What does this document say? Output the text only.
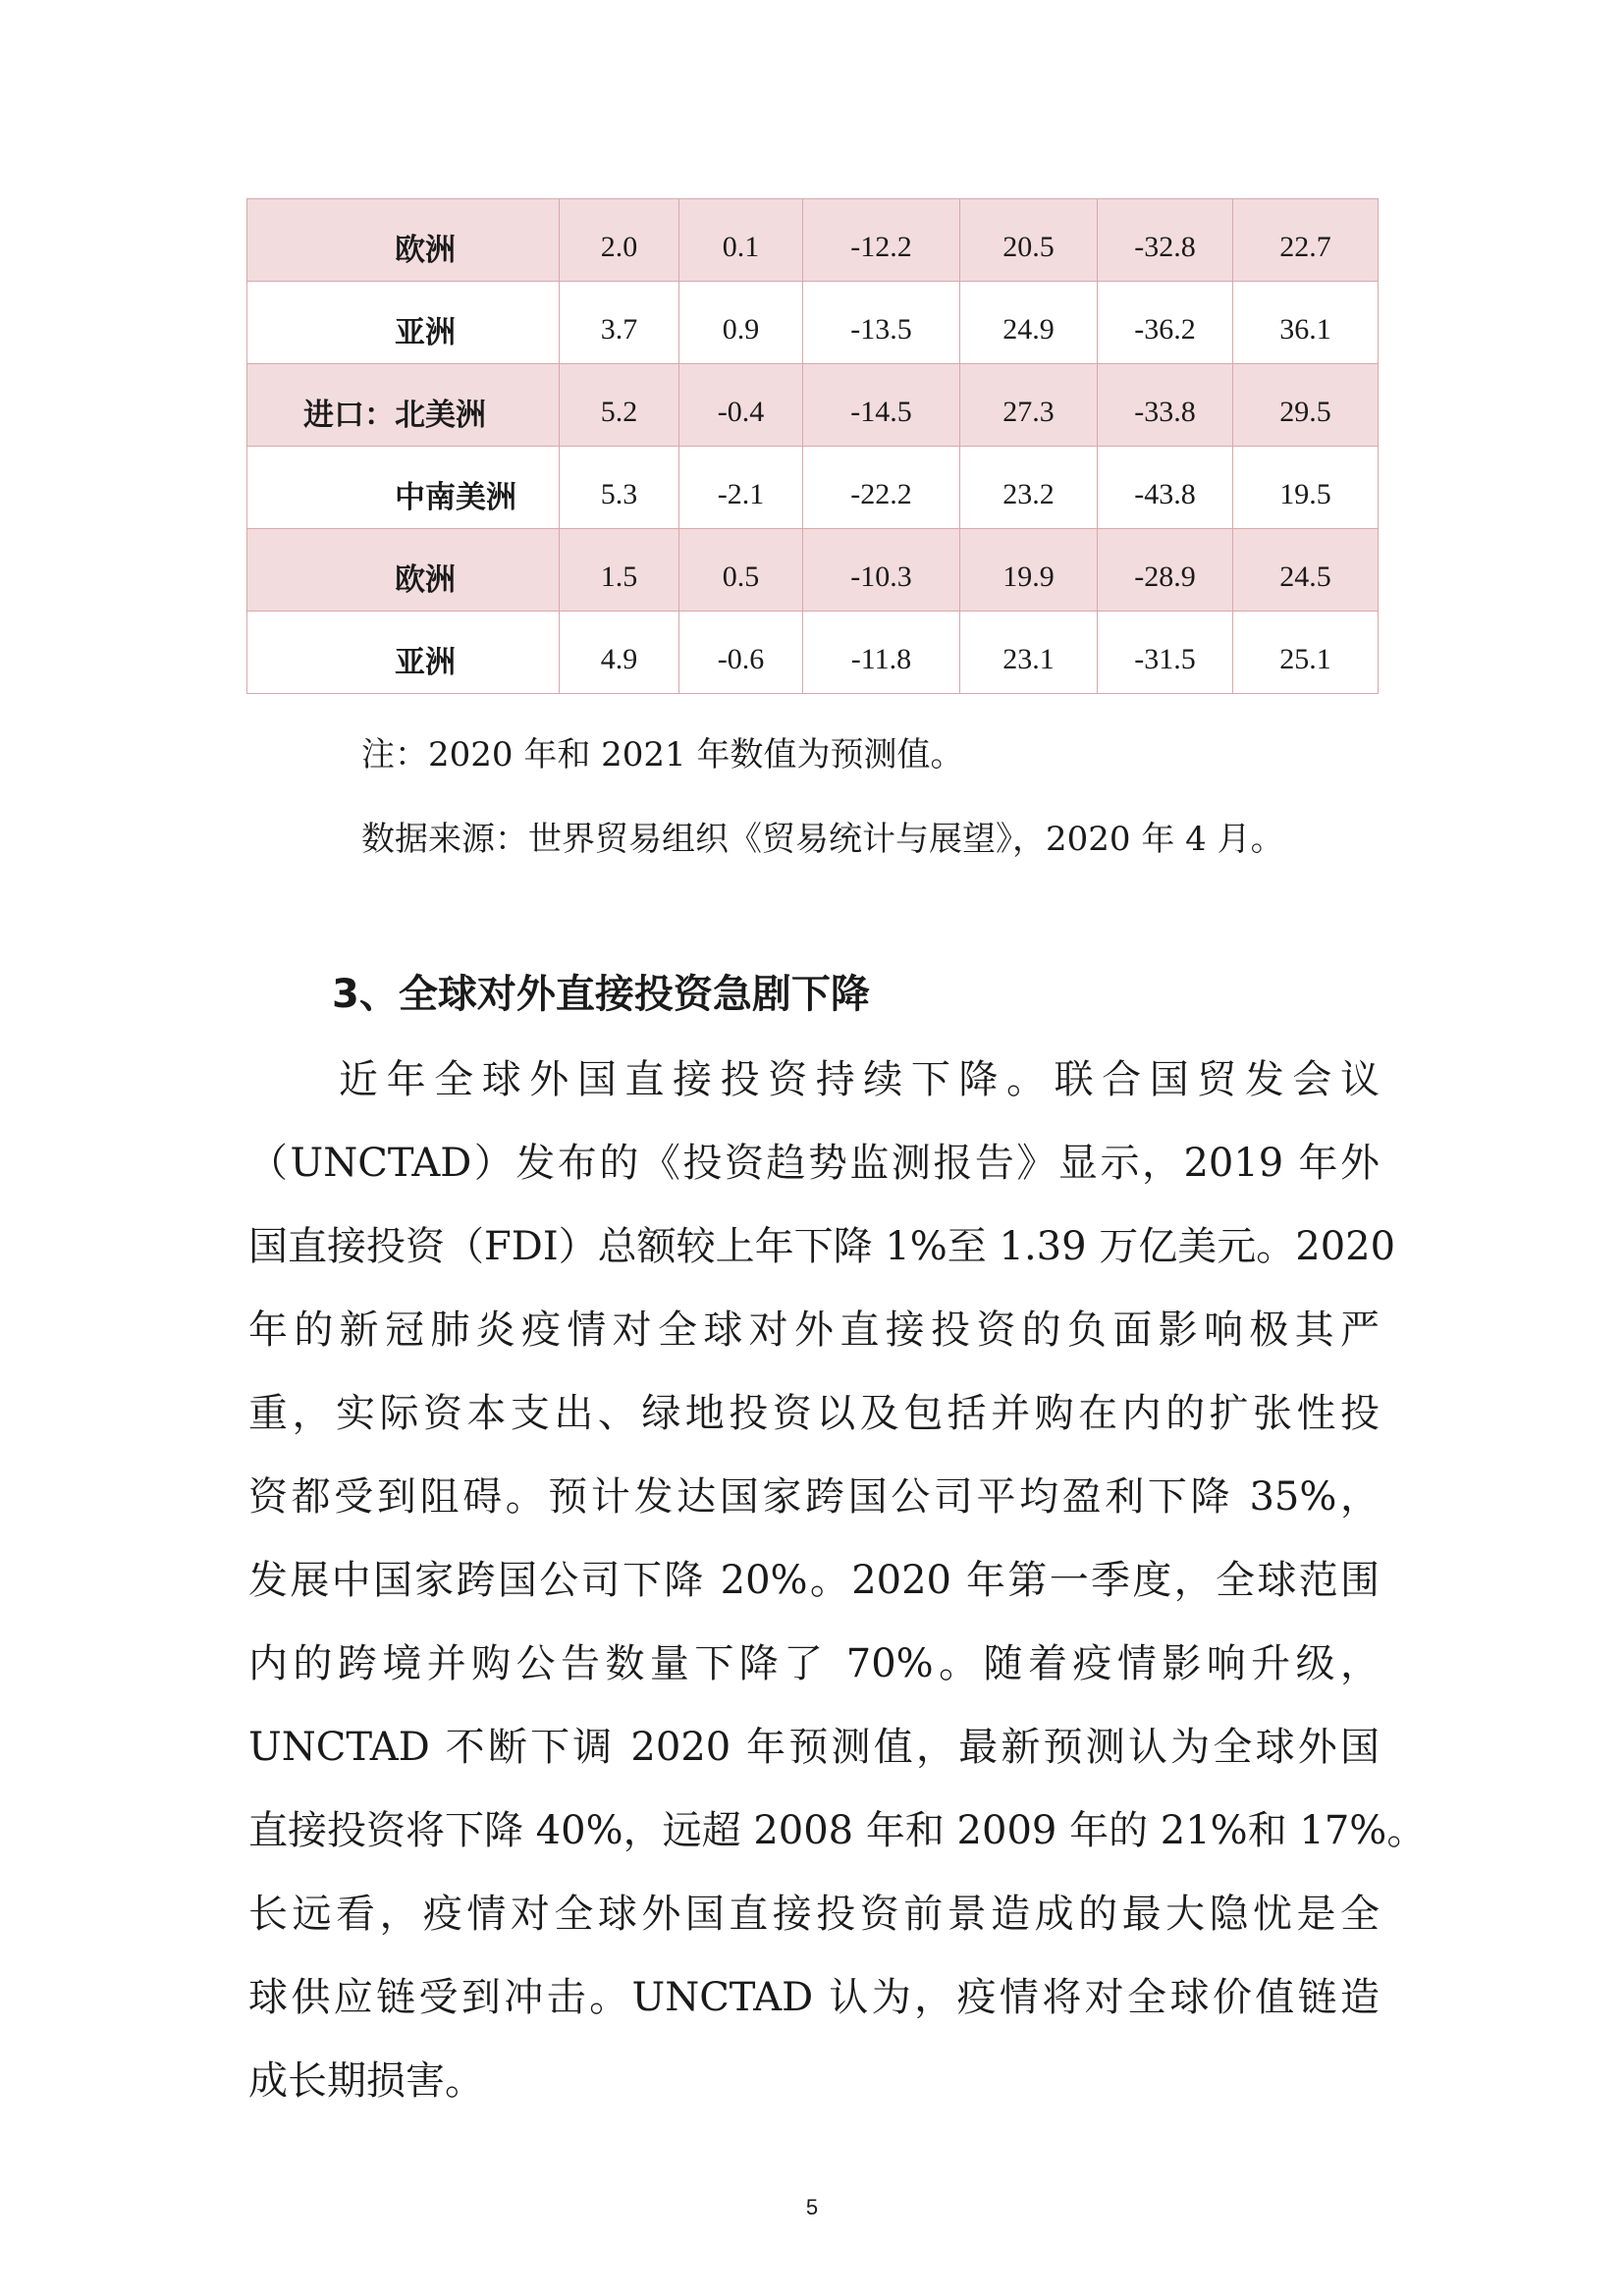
欧洲	2.0	0.1	-12.2	20.5	-32.8	22.7
亚洲	3.7	0.9	-13.5	24.9	-36.2	36.1
进口：北美洲	5.2	-0.4	-14.5	27.3	-33.8	29.5
中南美洲	5.3	-2.1	-22.2	23.2	-43.8	19.5
欧洲	1.5	0.5	-10.3	19.9	-28.9	24.5
亚洲	4.9	-0.6	-11.8	23.1	-31.5	25.1
注：2020 年和 2021 年数值为预测值。
数据来源：世界贸易组织《贸易统计与展望》，2020 年 4 月。
3、全球对外直接投资急剧下降
近年全球外国直接投资持续下降。联合国贸发会议
（UNCTAD）发布的《投资趋势监测报告》显示，2019 年外
国直接投资（FDI）总额较上年下降 1%至 1.39 万亿美元。2020
年的新冠肺炎疫情对全球对外直接投资的负面影响极其严
重，实际资本支出、绿地投资以及包括并购在内的扩张性投
资都受到阻碍。预计发达国家跨国公司平均盈利下降 35%，
发展中国家跨国公司下降 20%。2020 年第一季度，全球范围
内的跨境并购公告数量下降了 70%。随着疫情影响升级，
UNCTAD 不断下调 2020 年预测值，最新预测认为全球外国
直接投资将下降 40%，远超 2008 年和 2009 年的 21%和 17%。
长远看，疫情对全球外国直接投资前景造成的最大隐忧是全
球供应链受到冲击。UNCTAD 认为，疫情将对全球价值链造
成长期损害。
5
